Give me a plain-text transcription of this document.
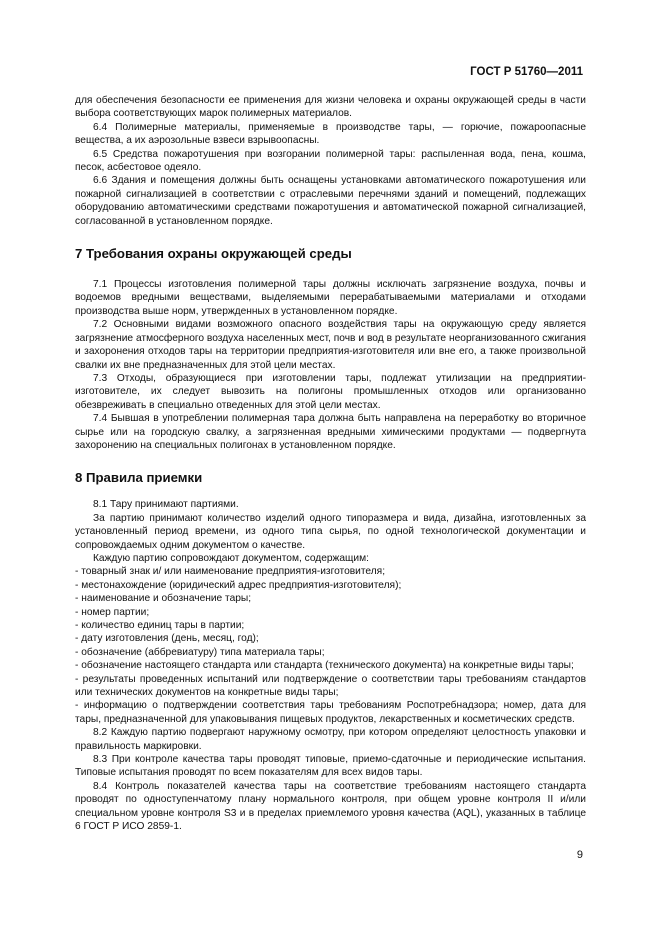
ГОСТ Р 51760—2011

для обеспечения безопасности ее применения для жизни человека и охраны окружающей среды в части выбора соответствующих марок полимерных материалов.

6.4 Полимерные материалы, применяемые в производстве тары, — горючие, пожароопасные вещества, а их аэрозольные взвеси взрывоопасны.

6.5 Средства пожаротушения при возгорании полимерной тары: распыленная вода, пена, кошма, песок, асбестовое одеяло.

6.6 Здания и помещения должны быть оснащены установками автоматического пожаротушения или пожарной сигнализацией в соответствии с отраслевыми перечнями зданий и помещений, подлежащих оборудованию автоматическими средствами пожаротушения и автоматической пожарной сигнализацией, согласованной в установленном порядке.

7 Требования охраны окружающей среды

7.1 Процессы изготовления полимерной тары должны исключать загрязнение воздуха, почвы и водоемов вредными веществами, выделяемыми перерабатываемыми материалами и отходами производства выше норм, утвержденных в установленном порядке.

7.2 Основными видами возможного опасного воздействия тары на окружающую среду является загрязнение атмосферного воздуха населенных мест, почв и вод в результате неорганизованного сжигания и захоронения отходов тары на территории предприятия-изготовителя или вне его, а также произвольной свалки их вне предназначенных для этой цели местах.

7.3 Отходы, образующиеся при изготовлении тары, подлежат утилизации на предприятии-изготовителе, их следует вывозить на полигоны промышленных отходов или организованно обезвреживать в специально отведенных для этой цели местах.

7.4 Бывшая в употреблении полимерная тара должна быть направлена на переработку во вторичное сырье или на городскую свалку, а загрязненная вредными химическими продуктами — подвергнута захоронению на специальных полигонах в установленном порядке.

8 Правила приемки

8.1 Тару принимают партиями.

За партию принимают количество изделий одного типоразмера и вида, дизайна, изготовленных за установленный период времени, из одного типа сырья, по одной технологической документации и сопровождаемых одним документом о качестве.

Каждую партию сопровождают документом, содержащим:

- товарный знак и/ или наименование предприятия-изготовителя;

- местонахождение (юридический адрес предприятия-изготовителя);

- наименование и обозначение тары;

- номер партии;

- количество единиц тары в партии;

- дату изготовления (день, месяц, год);

- обозначение (аббревиатуру) типа материала тары;

- обозначение настоящего стандарта или стандарта (технического документа) на конкретные виды тары;

- результаты проведенных испытаний или подтверждение о соответствии тары требованиям стандартов или технических документов на конкретные виды тары;

- информацию о подтверждении соответствия тары требованиям Роспотребнадзора; номер, дата для тары, предназначенной для упаковывания пищевых продуктов, лекарственных и косметических средств.

8.2 Каждую партию подвергают наружному осмотру, при котором определяют целостность упаковки и правильность маркировки.

8.3 При контроле качества тары проводят типовые, приемо-сдаточные и периодические испытания. Типовые испытания проводят по всем показателям для всех видов тары.

8.4 Контроль показателей качества тары на соответствие требованиям настоящего стандарта проводят по одноступенчатому плану нормального контроля, при общем уровне контроля II и/или специальном уровне контроля S3 и в пределах приемлемого уровня качества (AQL), указанных в таблице 6 ГОСТ Р ИСО 2859-1.

9
